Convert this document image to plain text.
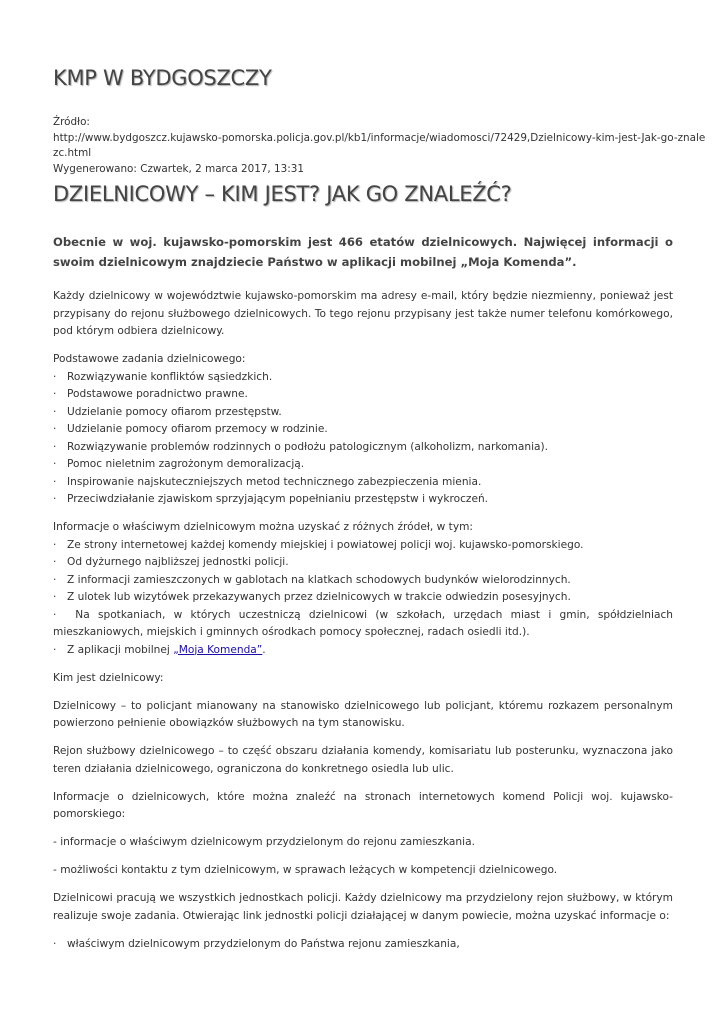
KMP W BYDGOSZCZY
Źródło:
http://www.bydgoszcz.kujawsko-pomorska.policja.gov.pl/kb1/informacje/wiadomosci/72429,Dzielnicowy-kim-jest-Jak-go-znale
zc.html
Wygenerowano: Czwartek, 2 marca 2017, 13:31
DZIELNICOWY – KIM JEST? JAK GO ZNALEŹĆ?

Obecnie w woj. kujawsko-pomorskim jest 466 etatów dzielnicowych. Najwięcej informacji o swoim dzielnicowym znajdziecie Państwo w aplikacji mobilnej „Moja Komenda”.

Każdy dzielnicowy w województwie kujawsko-pomorskim ma adresy e-mail, który będzie niezmienny, ponieważ jest przypisany do rejonu służbowego dzielnicowych. To tego rejonu przypisany jest także numer telefonu komórkowego, pod którym odbiera dzielnicowy.

Podstawowe zadania dzielnicowego:
· Rozwiązywanie konfliktów sąsiedzkich.
· Podstawowe poradnictwo prawne.
· Udzielanie pomocy ofiarom przestępstw.
· Udzielanie pomocy ofiarom przemocy w rodzinie.
· Rozwiązywanie problemów rodzinnych o podłożu patologicznym (alkoholizm, narkomania).
· Pomoc nieletnim zagrożonym demoralizacją.
· Inspirowanie najskuteczniejszych metod technicznego zabezpieczenia mienia.
· Przeciwdziałanie zjawiskom sprzyjającym popełnianiu przestępstw i wykroczeń.
Informacje o właściwym dzielnicowym można uzyskać z różnych źródeł, w tym:
· Ze strony internetowej każdej komendy miejskiej i powiatowej policji woj. kujawsko-pomorskiego.
· Od dyżurnego najbliższej jednostki policji.
· Z informacji zamieszczonych w gablotach na klatkach schodowych budynków wielorodzinnych.
· Z ulotek lub wizytówek przekazywanych przez dzielnicowych w trakcie odwiedzin posesyjnych.
· Na spotkaniach, w których uczestniczą dzielnicowi (w szkołach, urzędach miast i gmin, spółdzielniach mieszkaniowych, miejskich i gminnych ośrodkach pomocy społecznej, radach osiedli itd.).
· Z aplikacji mobilnej „Moja Komenda”.

Kim jest dzielnicowy:

Dzielnicowy – to policjant mianowany na stanowisko dzielnicowego lub policjant, któremu rozkazem personalnym powierzono pełnienie obowiązków służbowych na tym stanowisku.

Rejon służbowy dzielnicowego – to część obszaru działania komendy, komisariatu lub posterunku, wyznaczona jako teren działania dzielnicowego, ograniczona do konkretnego osiedla lub ulic.

Informacje o dzielnicowych, które można znaleźć na stronach internetowych komend Policji woj. kujawsko-pomorskiego:

- informacje o właściwym dzielnicowym przydzielonym do rejonu zamieszkania.

- możliwości kontaktu z tym dzielnicowym, w sprawach leżących w kompetencji dzielnicowego.

Dzielnicowi pracują we wszystkich jednostkach policji. Każdy dzielnicowy ma przydzielony rejon służbowy, w którym realizuje swoje zadania. Otwierając link jednostki policji działającej w danym powiecie, można uzyskać informacje o:

· właściwym dzielnicowym przydzielonym do Państwa rejonu zamieszkania,
